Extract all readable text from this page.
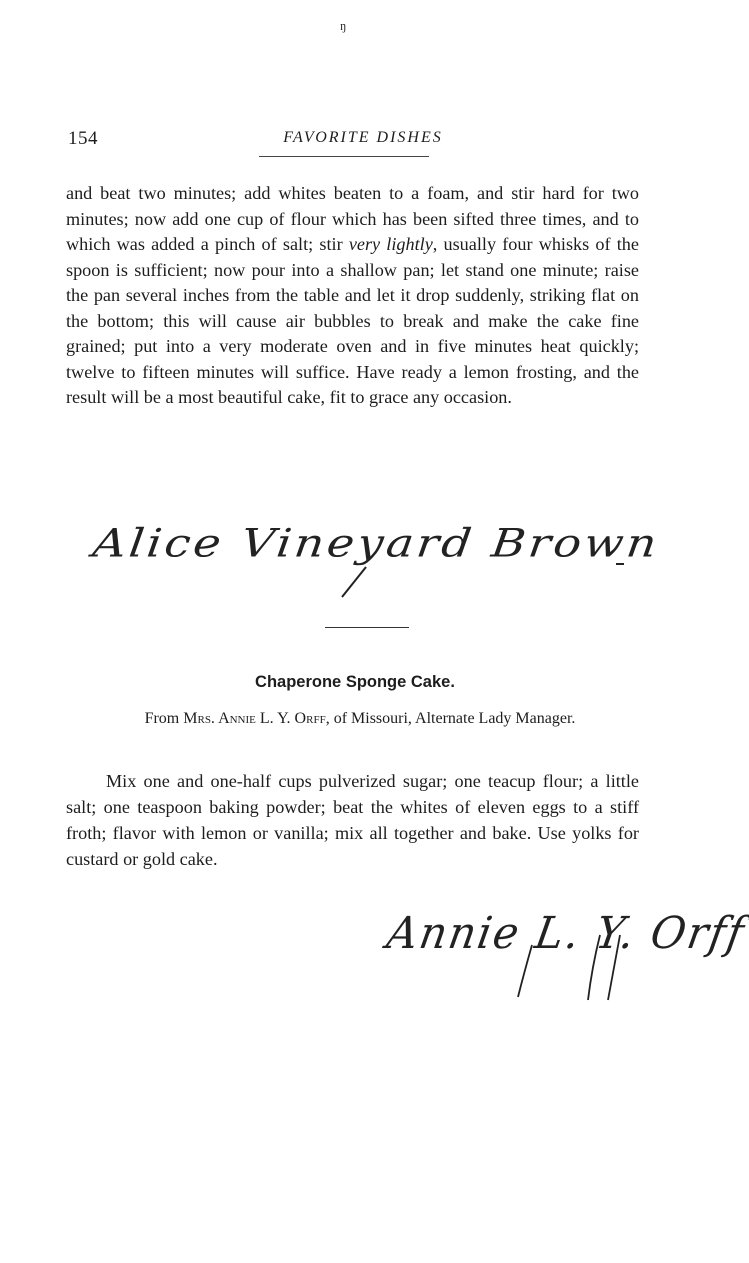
ŋ
154	FAVORITE DISHES
and beat two minutes; add whites beaten to a foam, and stir hard for two minutes; now add one cup of flour which has been sifted three times, and to which was added a pinch of salt; stir very lightly, usually four whisks of the spoon is sufficient; now pour into a shallow pan; let stand one minute; raise the pan several inches from the table and let it drop suddenly, striking flat on the bottom; this will cause air bubbles to break and make the cake fine grained; put into a very moderate oven and in five minutes heat quickly; twelve to fifteen minutes will suffice. Have ready a lemon frosting, and the result will be a most beautiful cake, fit to grace any occasion.
Alice Vineyard Brown
Chaperone Sponge Cake.
From Mrs. Annie L. Y. Orff, of Missouri, Alternate Lady Manager.
Mix one and one-half cups pulverized sugar; one teacup flour; a little salt; one teaspoon baking powder; beat the whites of eleven eggs to a stiff froth; flavor with lemon or vanilla; mix all together and bake. Use yolks for custard or gold cake.
Annie L. Y. Orff
